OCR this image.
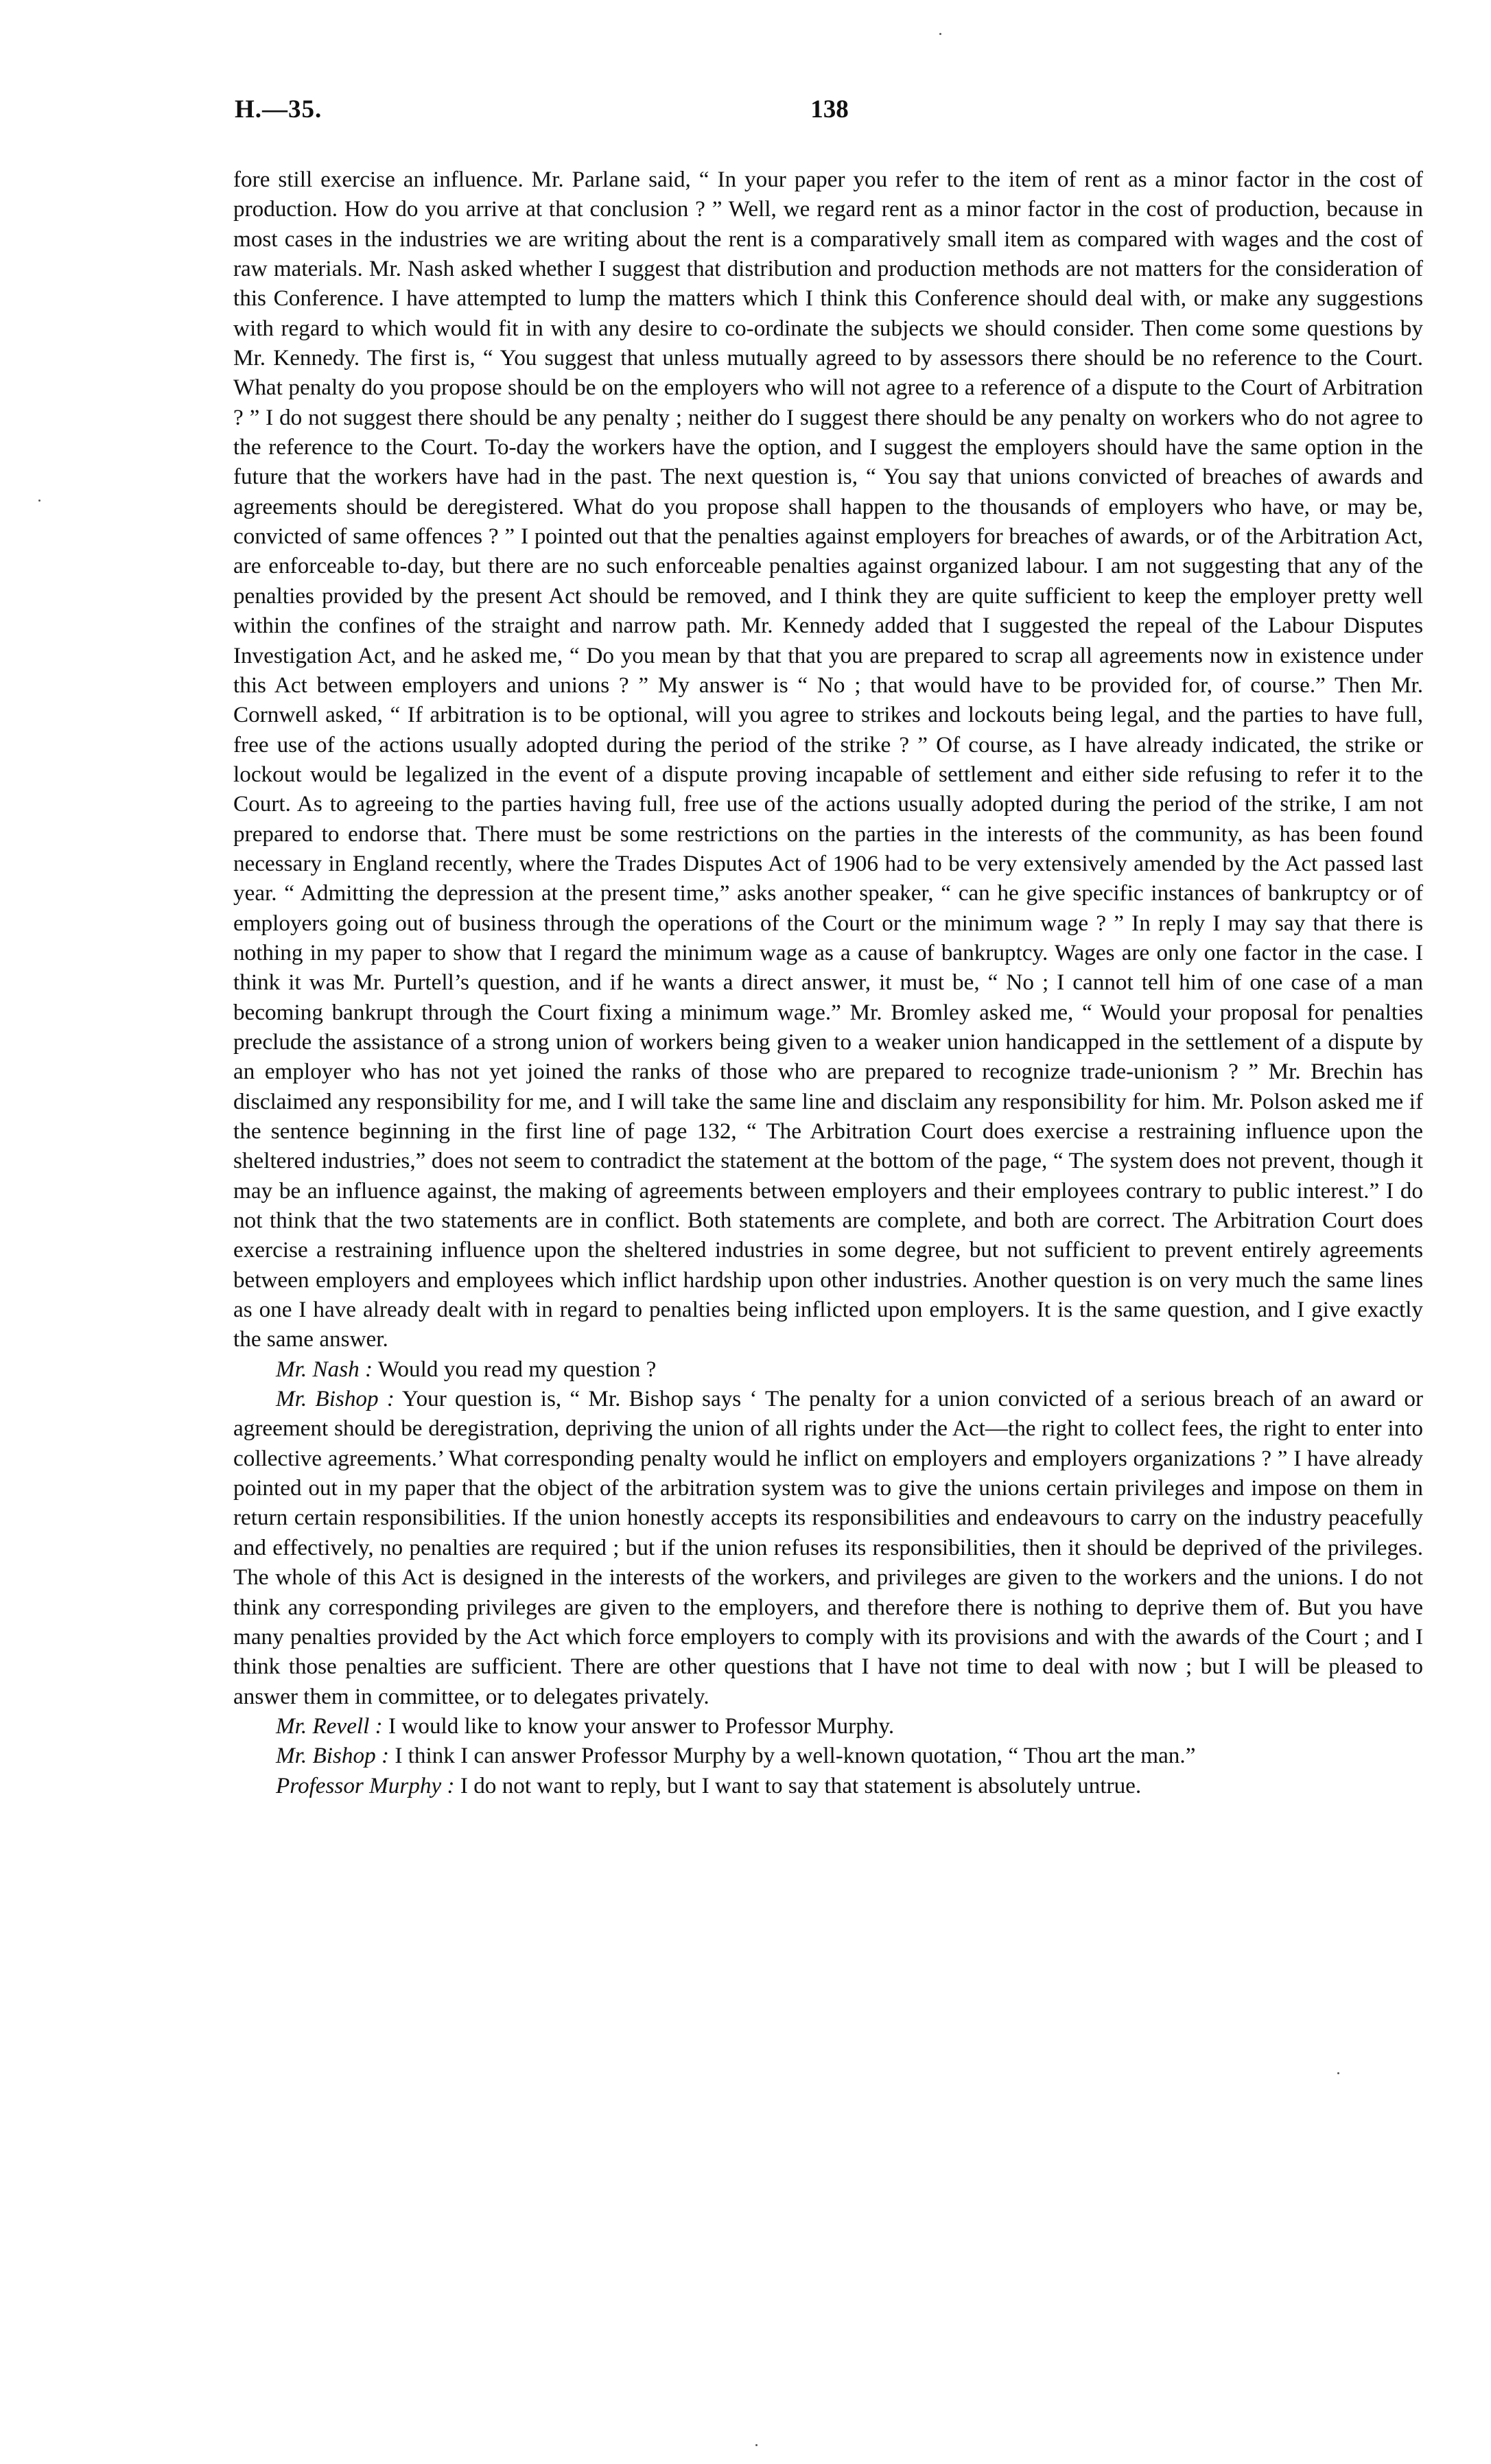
H.—35.	138

fore still exercise an influence. Mr. Parlane said, “ In your paper you refer to the item of rent as a minor factor in the cost of production. How do you arrive at that conclusion ? ” Well, we regard rent as a minor factor in the cost of production, because in most cases in the industries we are writing about the rent is a comparatively small item as compared with wages and the cost of raw materials. Mr. Nash asked whether I suggest that distribution and production methods are not matters for the consideration of this Conference. I have attempted to lump the matters which I think this Conference should deal with, or make any suggestions with regard to which would fit in with any desire to co-ordinate the subjects we should consider. Then come some questions by Mr. Kennedy. The first is, “ You suggest that unless mutually agreed to by assessors there should be no reference to the Court. What penalty do you propose should be on the employers who will not agree to a reference of a dispute to the Court of Arbitration ? ” I do not suggest there should be any penalty ; neither do I suggest there should be any penalty on workers who do not agree to the reference to the Court. To-day the workers have the option, and I suggest the employers should have the same option in the future that the workers have had in the past. The next question is, “ You say that unions convicted of breaches of awards and agreements should be deregistered. What do you propose shall happen to the thousands of employers who have, or may be, convicted of same offences ? ” I pointed out that the penalties against employers for breaches of awards, or of the Arbitration Act, are enforceable to-day, but there are no such enforceable penalties against organized labour. I am not suggesting that any of the penalties provided by the present Act should be removed, and I think they are quite sufficient to keep the employer pretty well within the confines of the straight and narrow path. Mr. Kennedy added that I suggested the repeal of the Labour Disputes Investigation Act, and he asked me, “ Do you mean by that that you are prepared to scrap all agreements now in existence under this Act between employers and unions ? ” My answer is “ No ; that would have to be provided for, of course.” Then Mr. Cornwell asked, “ If arbitration is to be optional, will you agree to strikes and lockouts being legal, and the parties to have full, free use of the actions usually adopted during the period of the strike ? ” Of course, as I have already indicated, the strike or lockout would be legalized in the event of a dispute proving incapable of settlement and either side refusing to refer it to the Court. As to agreeing to the parties having full, free use of the actions usually adopted during the period of the strike, I am not prepared to endorse that. There must be some restrictions on the parties in the interests of the community, as has been found necessary in England recently, where the Trades Disputes Act of 1906 had to be very extensively amended by the Act passed last year. “ Admitting the depression at the present time,” asks another speaker, “ can he give specific instances of bankruptcy or of employers going out of business through the operations of the Court or the minimum wage ? ” In reply I may say that there is nothing in my paper to show that I regard the minimum wage as a cause of bankruptcy. Wages are only one factor in the case. I think it was Mr. Purtell’s question, and if he wants a direct answer, it must be, “ No ; I cannot tell him of one case of a man becoming bankrupt through the Court fixing a minimum wage.” Mr. Bromley asked me, “ Would your proposal for penalties preclude the assistance of a strong union of workers being given to a weaker union handicapped in the settlement of a dispute by an employer who has not yet joined the ranks of those who are prepared to recognize trade-unionism ? ” Mr. Brechin has disclaimed any responsibility for me, and I will take the same line and disclaim any responsibility for him. Mr. Polson asked me if the sentence beginning in the first line of page 132, “ The Arbitration Court does exercise a restraining influence upon the sheltered industries,” does not seem to contradict the statement at the bottom of the page, “ The system does not prevent, though it may be an influence against, the making of agreements between employers and their employees contrary to public interest.” I do not think that the two statements are in conflict. Both statements are complete, and both are correct. The Arbitration Court does exercise a restraining influence upon the sheltered industries in some degree, but not sufficient to prevent entirely agreements between employers and employees which inflict hardship upon other industries. Another question is on very much the same lines as one I have already dealt with in regard to penalties being inflicted upon employers. It is the same question, and I give exactly the same answer.

Mr. Nash : Would you read my question ?

Mr. Bishop : Your question is, “ Mr. Bishop says ‘ The penalty for a union convicted of a serious breach of an award or agreement should be deregistration, depriving the union of all rights under the Act—the right to collect fees, the right to enter into collective agreements.’ What corresponding penalty would he inflict on employers and employers organizations ? ” I have already pointed out in my paper that the object of the arbitration system was to give the unions certain privileges and impose on them in return certain responsibilities. If the union honestly accepts its responsibilities and endeavours to carry on the industry peacefully and effectively, no penalties are required ; but if the union refuses its responsibilities, then it should be deprived of the privileges. The whole of this Act is designed in the interests of the workers, and privileges are given to the workers and the unions. I do not think any corresponding privileges are given to the employers, and therefore there is nothing to deprive them of. But you have many penalties provided by the Act which force employers to comply with its provisions and with the awards of the Court ; and I think those penalties are sufficient. There are other questions that I have not time to deal with now ; but I will be pleased to answer them in committee, or to delegates privately.

Mr. Revell : I would like to know your answer to Professor Murphy.

Mr. Bishop : I think I can answer Professor Murphy by a well-known quotation, “ Thou art the man.”

Professor Murphy : I do not want to reply, but I want to say that statement is absolutely untrue.
